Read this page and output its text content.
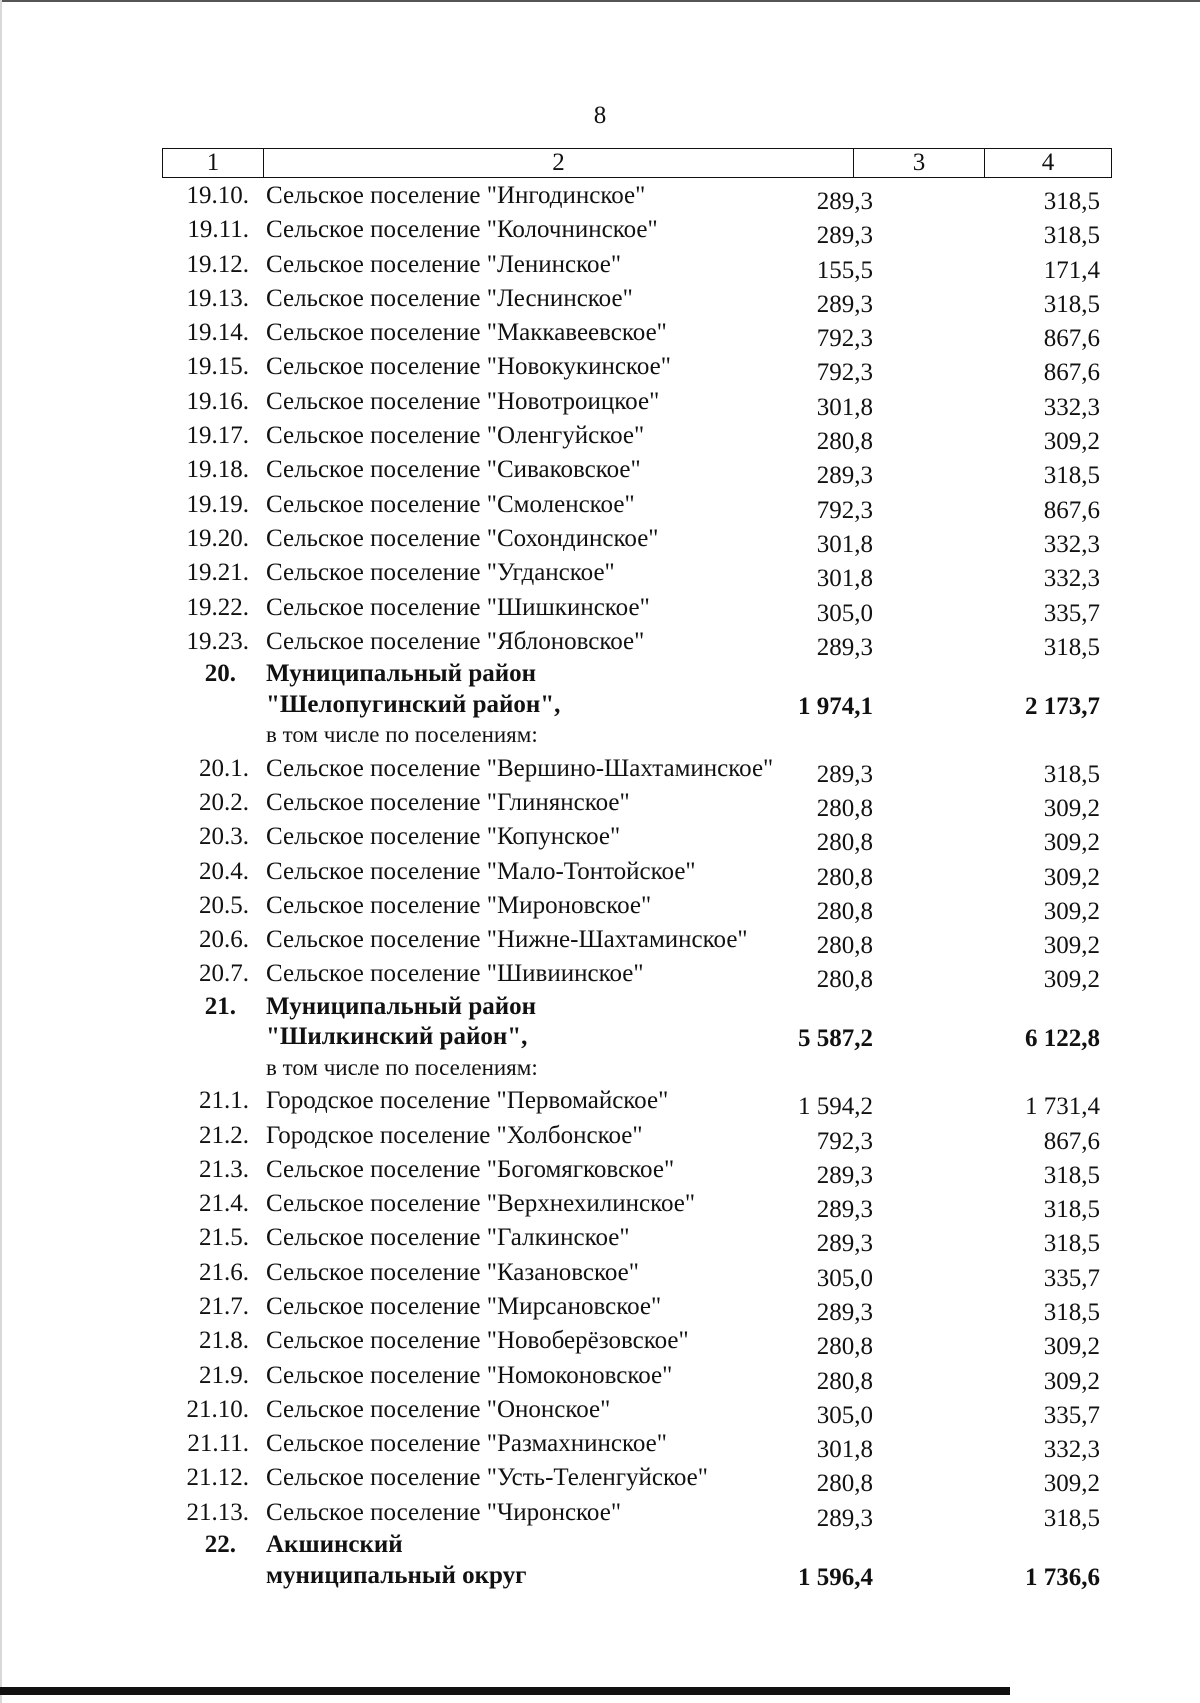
8
1	2	3	4
19.10. Сельское поселение "Ингодинское"	289,3	318,5
19.11. Сельское поселение "Колочнинское"	289,3	318,5
19.12. Сельское поселение "Ленинское"	155,5	171,4
19.13. Сельское поселение "Леснинское"	289,3	318,5
19.14. Сельское поселение "Маккавеевское"	792,3	867,6
19.15. Сельское поселение "Новокукинское"	792,3	867,6
19.16. Сельское поселение "Новотроицкое"	301,8	332,3
19.17. Сельское поселение "Оленгуйское"	280,8	309,2
19.18. Сельское поселение "Сиваковское"	289,3	318,5
19.19. Сельское поселение "Смоленское"	792,3	867,6
19.20. Сельское поселение "Сохондинское"	301,8	332,3
19.21. Сельское поселение "Угданское"	301,8	332,3
19.22. Сельское поселение "Шишкинское"	305,0	335,7
19.23. Сельское поселение "Яблоновское"	289,3	318,5
20. Муниципальный район
"Шелопугинский район",	1 974,1	2 173,7
в том числе по поселениям:
20.1. Сельское поселение "Вершино-Шахтаминское"	289,3	318,5
20.2. Сельское поселение "Глинянское"	280,8	309,2
20.3. Сельское поселение "Копунское"	280,8	309,2
20.4. Сельское поселение "Мало-Тонтойское"	280,8	309,2
20.5. Сельское поселение "Мироновское"	280,8	309,2
20.6. Сельское поселение "Нижне-Шахтаминское"	280,8	309,2
20.7. Сельское поселение "Шивиинское"	280,8	309,2
21. Муниципальный район
"Шилкинский район",	5 587,2	6 122,8
в том числе по поселениям:
21.1. Городское поселение "Первомайское"	1 594,2	1 731,4
21.2. Городское поселение "Холбонское"	792,3	867,6
21.3. Сельское поселение "Богомягковское"	289,3	318,5
21.4. Сельское поселение "Верхнехилинское"	289,3	318,5
21.5. Сельское поселение "Галкинское"	289,3	318,5
21.6. Сельское поселение "Казановское"	305,0	335,7
21.7. Сельское поселение "Мирсановское"	289,3	318,5
21.8. Сельское поселение "Новоберёзовское"	280,8	309,2
21.9. Сельское поселение "Номоконовское"	280,8	309,2
21.10. Сельское поселение "Ононское"	305,0	335,7
21.11. Сельское поселение "Размахнинское"	301,8	332,3
21.12. Сельское поселение "Усть-Теленгуйское"	280,8	309,2
21.13. Сельское поселение "Чиронское"	289,3	318,5
22. Акшинский
муниципальный округ	1 596,4	1 736,6
